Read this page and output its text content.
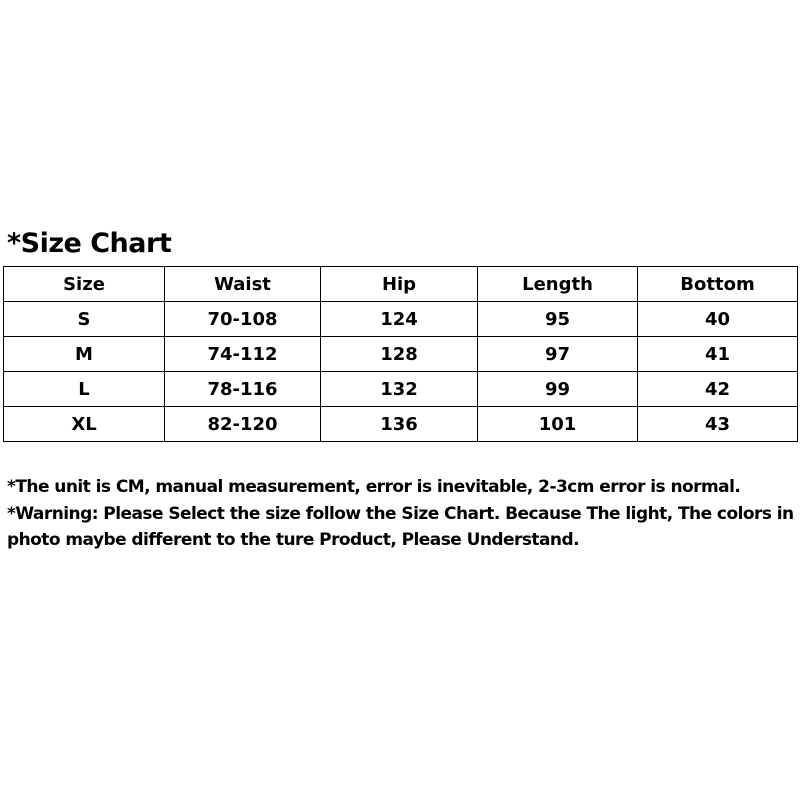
*Size Chart
Size	Waist	Hip	Length	Bottom
S	70-108	124	95	40
M	74-112	128	97	41
L	78-116	132	99	42
XL	82-120	136	101	43

*The unit is CM, manual measurement, error is inevitable, 2-3cm error is normal.

*Warning: Please Select the size follow the Size Chart. Because The light, The colors in photo maybe different to the ture Product, Please Understand.
